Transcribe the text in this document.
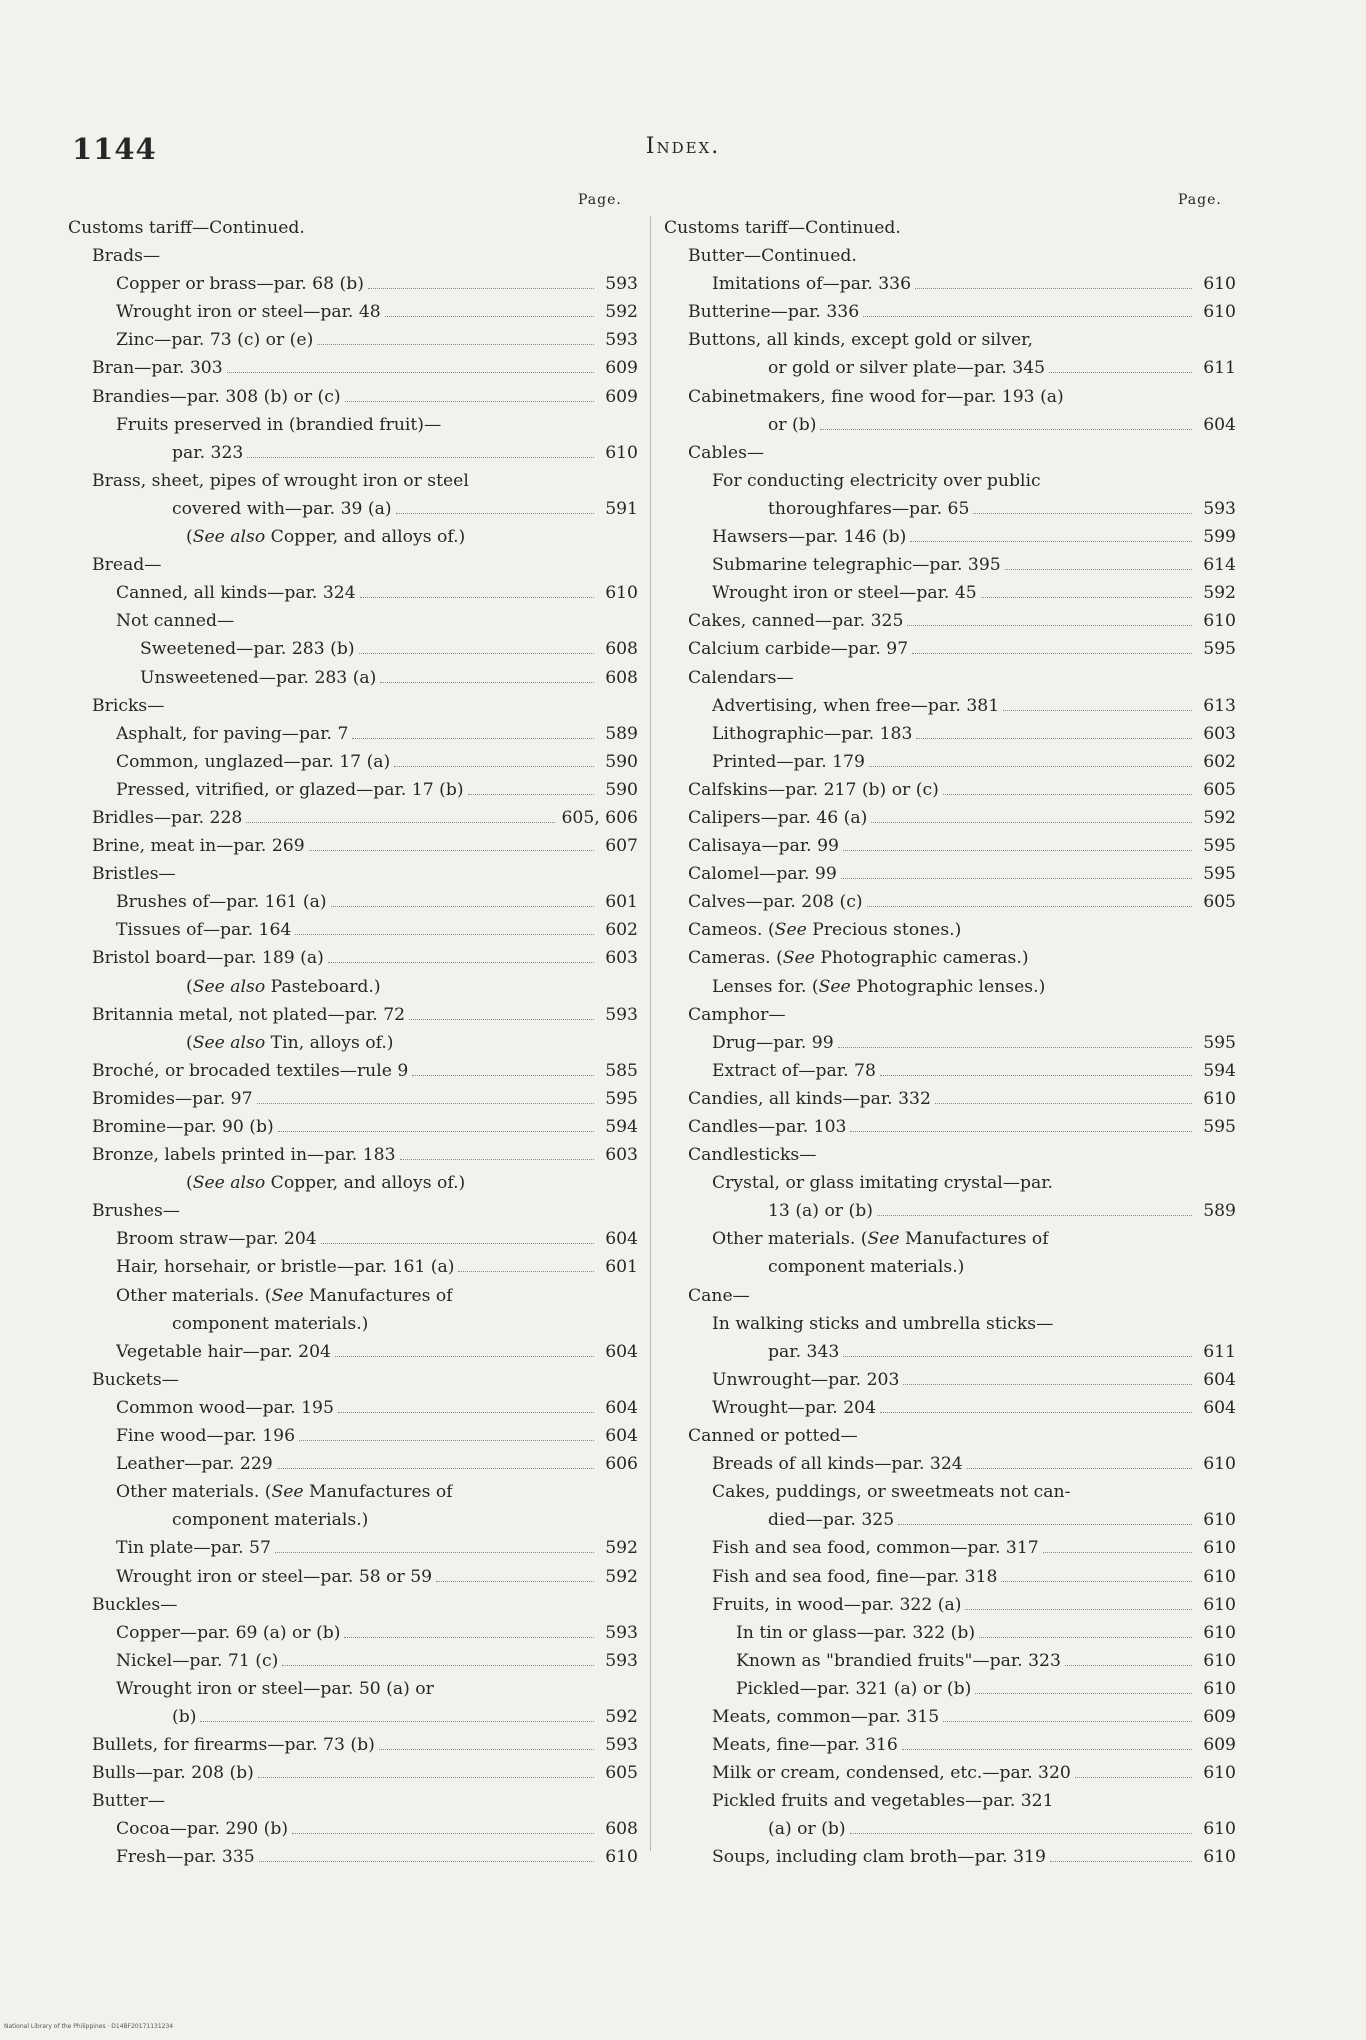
1144	Index.
Page.	Page.
Customs tariff—Continued.
Brads—
Copper or brass—par. 68 (b)	593
Wrought iron or steel—par. 48	592
Zinc—par. 73 (c) or (e)	593
Bran—par. 303	609
Brandies—par. 308 (b) or (c)	609
Fruits preserved in (brandied fruit)—
par. 323	610
Brass, sheet, pipes of wrought iron or steel
covered with—par. 39 (a)	591
(See also Copper, and alloys of.)
Bread—
Canned, all kinds—par. 324	610
Not canned—
Sweetened—par. 283 (b)	608
Unsweetened—par. 283 (a)	608
Bricks—
Asphalt, for paving—par. 7	589
Common, unglazed—par. 17 (a)	590
Pressed, vitrified, or glazed—par. 17 (b)	590
Bridles—par. 228	605, 606
Brine, meat in—par. 269	607
Bristles—
Brushes of—par. 161 (a)	601
Tissues of—par. 164	602
Bristol board—par. 189 (a)	603
(See also Pasteboard.)
Britannia metal, not plated—par. 72	593
(See also Tin, alloys of.)
Broché, or brocaded textiles—rule 9	585
Bromides—par. 97	595
Bromine—par. 90 (b)	594
Bronze, labels printed in—par. 183	603
(See also Copper, and alloys of.)
Brushes—
Broom straw—par. 204	604
Hair, horsehair, or bristle—par. 161 (a)	601
Other materials. (See Manufactures of
component materials.)
Vegetable hair—par. 204	604
Buckets—
Common wood—par. 195	604
Fine wood—par. 196	604
Leather—par. 229	606
Other materials. (See Manufactures of
component materials.)
Tin plate—par. 57	592
Wrought iron or steel—par. 58 or 59	592
Buckles—
Copper—par. 69 (a) or (b)	593
Nickel—par. 71 (c)	593
Wrought iron or steel—par. 50 (a) or
(b)	592
Bullets, for firearms—par. 73 (b)	593
Bulls—par. 208 (b)	605
Butter—
Cocoa—par. 290 (b)	608
Fresh—par. 335	610
Customs tariff—Continued.
Butter—Continued.
Imitations of—par. 336	610
Butterine—par. 336	610
Buttons, all kinds, except gold or silver,
or gold or silver plate—par. 345	611
Cabinetmakers, fine wood for—par. 193 (a)
or (b)	604
Cables—
For conducting electricity over public
thoroughfares—par. 65	593
Hawsers—par. 146 (b)	599
Submarine telegraphic—par. 395	614
Wrought iron or steel—par. 45	592
Cakes, canned—par. 325	610
Calcium carbide—par. 97	595
Calendars—
Advertising, when free—par. 381	613
Lithographic—par. 183	603
Printed—par. 179	602
Calfskins—par. 217 (b) or (c)	605
Calipers—par. 46 (a)	592
Calisaya—par. 99	595
Calomel—par. 99	595
Calves—par. 208 (c)	605
Cameos. (See Precious stones.)
Cameras. (See Photographic cameras.)
Lenses for. (See Photographic lenses.)
Camphor—
Drug—par. 99	595
Extract of—par. 78	594
Candies, all kinds—par. 332	610
Candles—par. 103	595
Candlesticks—
Crystal, or glass imitating crystal—par.
13 (a) or (b)	589
Other materials. (See Manufactures of
component materials.)
Cane—
In walking sticks and umbrella sticks—
par. 343	611
Unwrought—par. 203	604
Wrought—par. 204	604
Canned or potted—
Breads of all kinds—par. 324	610
Cakes, puddings, or sweetmeats not can-
died—par. 325	610
Fish and sea food, common—par. 317	610
Fish and sea food, fine—par. 318	610
Fruits, in wood—par. 322 (a)	610
In tin or glass—par. 322 (b)	610
Known as "brandied fruits"—par. 323	610
Pickled—par. 321 (a) or (b)	610
Meats, common—par. 315	609
Meats, fine—par. 316	609
Milk or cream, condensed, etc.—par. 320	610
Pickled fruits and vegetables—par. 321
(a) or (b)	610
Soups, including clam broth—par. 319	610
National Library of the Philippines · D14BF20171131234
